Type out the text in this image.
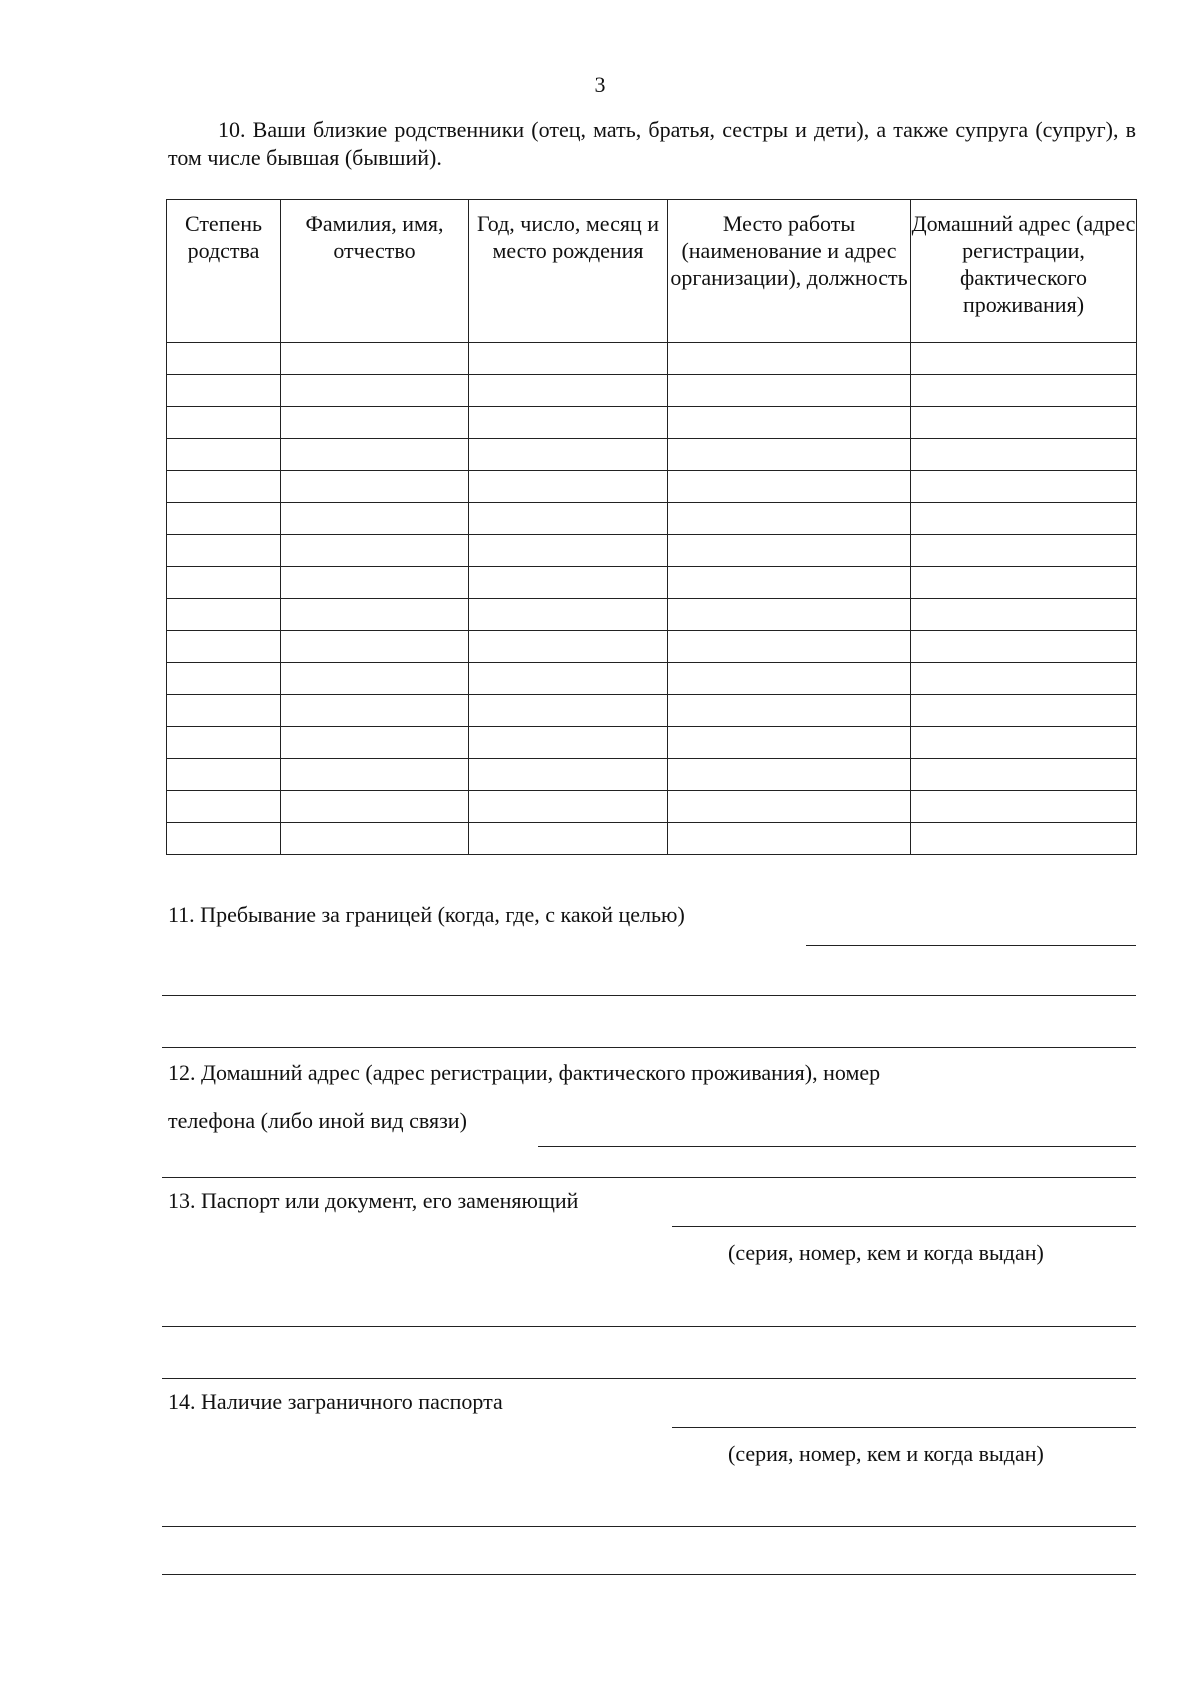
3
10. Ваши близкие родственники (отец, мать, братья, сестры и дети), а также супруга (супруг), в том числе бывшая (бывший).
Степень родства	Фамилия, имя, отчество	Год, число, месяц и место рождения	Место работы (наименование и адрес организации), должность	Домашний адрес (адрес регистрации, фактического проживания)

11. Пребывание за границей (когда, где, с какой целью)
12. Домашний адрес (адрес регистрации, фактического проживания), номер
телефона (либо иной вид связи)
13. Паспорт или документ, его заменяющий
(серия, номер, кем и когда выдан)
14. Наличие заграничного паспорта
(серия, номер, кем и когда выдан)
